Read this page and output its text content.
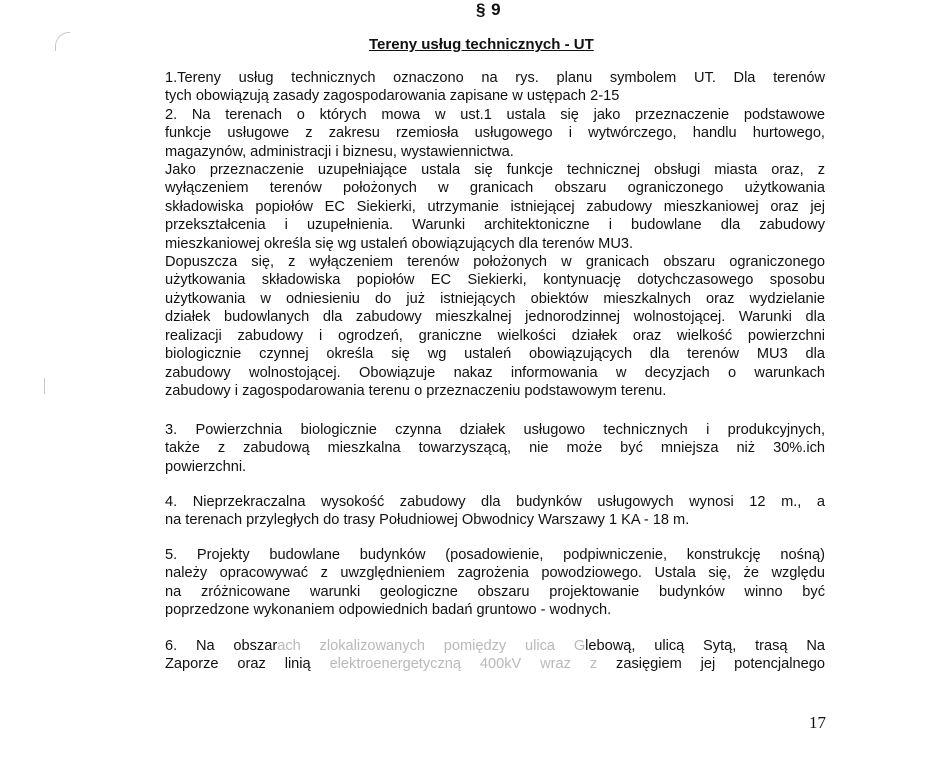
§ 9
Tereny usług technicznych - UT
1.Tereny usług technicznych oznaczono na rys. planu symbolem UT. Dla terenów
tych obowiązują zasady zagospodarowania zapisane w ustępach 2-15
2. Na terenach o których mowa w ust.1 ustala się jako przeznaczenie podstawowe
funkcje usługowe z zakresu rzemiosła usługowego i wytwórczego, handlu hurtowego,
magazynów, administracji i biznesu, wystawiennictwa.
Jako przeznaczenie uzupełniające ustala się funkcje technicznej obsługi miasta oraz, z
wyłączeniem terenów położonych w granicach obszaru ograniczonego użytkowania
składowiska popiołów EC Siekierki, utrzymanie istniejącej zabudowy mieszkaniowej oraz jej
przekształcenia i uzupełnienia. Warunki architektoniczne i budowlane dla zabudowy
mieszkaniowej określa się wg ustaleń obowiązujących dla terenów MU3.
Dopuszcza się, z wyłączeniem terenów położonych w granicach obszaru ograniczonego
użytkowania składowiska popiołów EC Siekierki, kontynuację dotychczasowego sposobu
użytkowania w odniesieniu do już istniejących obiektów mieszkalnych oraz wydzielanie
działek budowlanych dla zabudowy mieszkalnej jednorodzinnej wolnostojącej. Warunki dla
realizacji zabudowy i ogrodzeń, graniczne wielkości działek oraz wielkość powierzchni
biologicznie czynnej określa się wg ustaleń obowiązujących dla terenów MU3 dla
zabudowy wolnostojącej. Obowiązuje nakaz informowania w decyzjach o warunkach
zabudowy i zagospodarowania terenu o przeznaczeniu podstawowym terenu.
3. Powierzchnia biologicznie czynna działek usługowo technicznych i produkcyjnych,
także z zabudową mieszkalna towarzyszącą, nie może być mniejsza niż 30%.ich
powierzchni.
4. Nieprzekraczalna wysokość zabudowy dla budynków usługowych wynosi 12 m., a
na terenach przyległych do trasy Południowej Obwodnicy Warszawy 1 KA - 18 m.
5. Projekty budowlane budynków (posadowienie, podpiwniczenie, konstrukcję nośną)
należy opracowywać z uwzględnieniem zagrożenia powodziowego. Ustala się, że względu
na zróżnicowane warunki geologiczne obszaru projektowanie budynków winno być
poprzedzone wykonaniem odpowiednich badań gruntowo - wodnych.
6. Na obszarach zlokalizowanych pomiędzy ulica Glebową, ulicą Sytą, trasą Na
Zaporze oraz linią elektroenergetyczną 400kV wraz z zasięgiem jej potencjalnego
17
